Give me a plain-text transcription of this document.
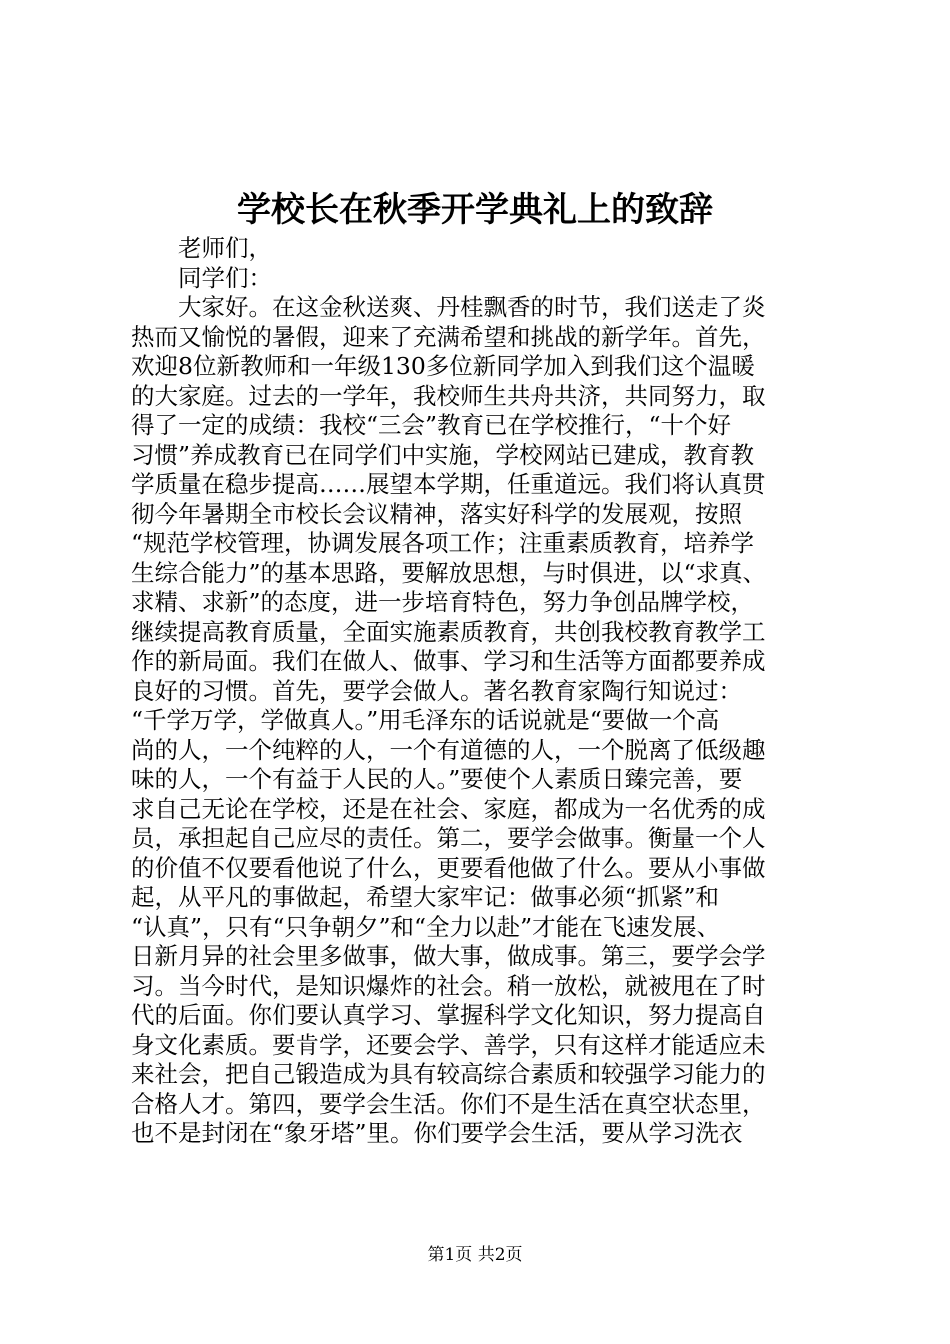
学校长在秋季开学典礼上的致辞
老师们，
同学们：
大家好。在这金秋送爽、丹桂飘香的时节，我们送走了炎
热而又愉悦的暑假，迎来了充满希望和挑战的新学年。首先，
欢迎8位新教师和一年级130多位新同学加入到我们这个温暖
的大家庭。过去的一学年，我校师生共舟共济，共同努力，取
得了一定的成绩：我校“三会”教育已在学校推行，“十个好
习惯”养成教育已在同学们中实施，学校网站已建成，教育教
学质量在稳步提高……展望本学期，任重道远。我们将认真贯
彻今年暑期全市校长会议精神，落实好科学的发展观，按照
“规范学校管理，协调发展各项工作；注重素质教育，培养学
生综合能力”的基本思路，要解放思想，与时俱进，以“求真、
求精、求新”的态度，进一步培育特色，努力争创品牌学校，
继续提高教育质量，全面实施素质教育，共创我校教育教学工
作的新局面。我们在做人、做事、学习和生活等方面都要养成
良好的习惯。首先，要学会做人。著名教育家陶行知说过：
“千学万学，学做真人。”用毛泽东的话说就是“要做一个高
尚的人，一个纯粹的人，一个有道德的人，一个脱离了低级趣
味的人，一个有益于人民的人。”要使个人素质日臻完善，要
求自己无论在学校，还是在社会、家庭，都成为一名优秀的成
员，承担起自己应尽的责任。第二，要学会做事。衡量一个人
的价值不仅要看他说了什么，更要看他做了什么。要从小事做
起，从平凡的事做起，希望大家牢记：做事必须“抓紧”和
“认真”，只有“只争朝夕”和“全力以赴”才能在飞速发展、
日新月异的社会里多做事，做大事，做成事。第三，要学会学
习。当今时代，是知识爆炸的社会。稍一放松，就被甩在了时
代的后面。你们要认真学习、掌握科学文化知识，努力提高自
身文化素质。要肯学，还要会学、善学，只有这样才能适应未
来社会，把自己锻造成为具有较高综合素质和较强学习能力的
合格人才。第四，要学会生活。你们不是生活在真空状态里，
也不是封闭在“象牙塔”里。你们要学会生活，要从学习洗衣
第1页 共2页
